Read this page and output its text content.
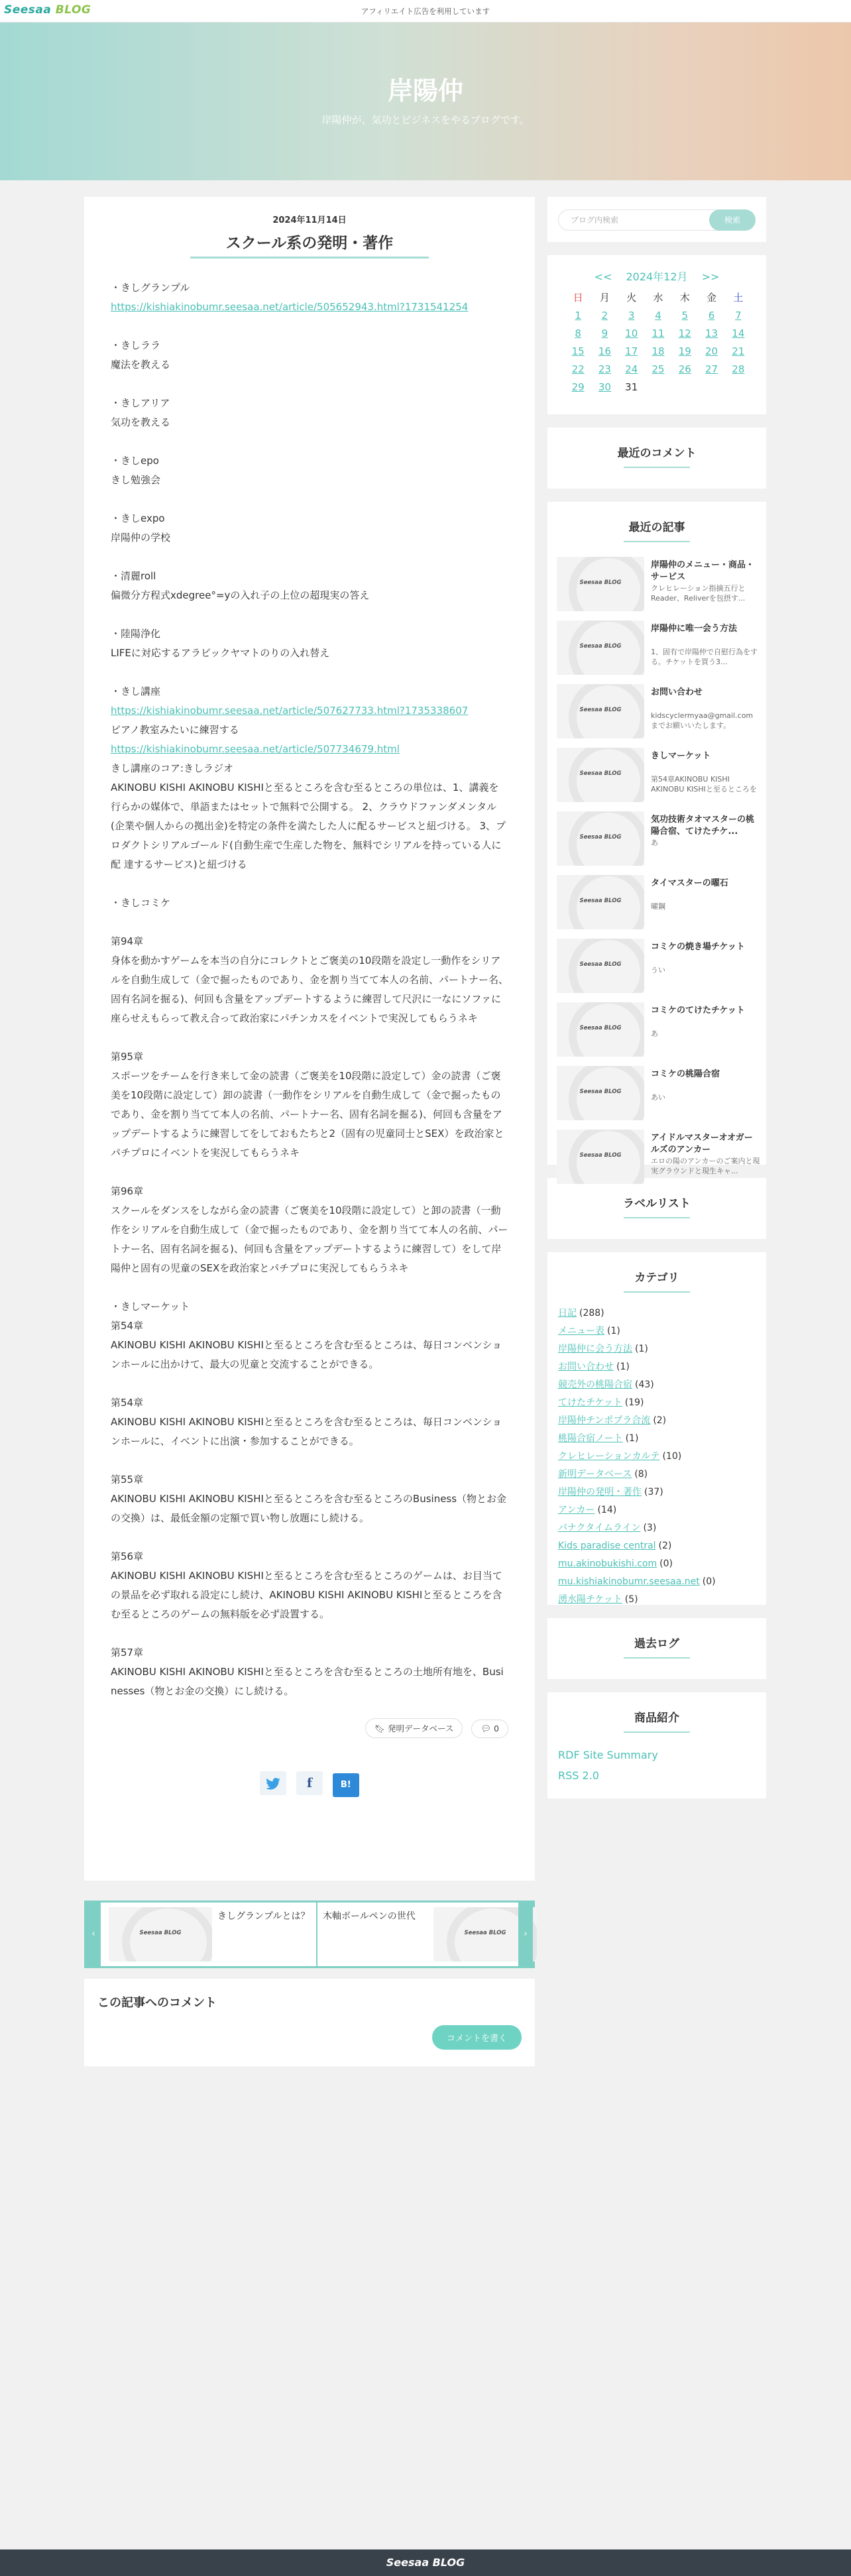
Seesaa BLOG	アフィリエイト広告を利用しています
岸陽仲

岸陽仲が、気功とビジネスをやるブログです。

2024年11月14日
スクール系の発明・著作
・きしグランプル
https://kishiakinobumr.seesaa.net/article/505652943.html?1731541254
・きしララ
魔法を教える
・きしアリア
気功を教える
・きしepo
きし勉強会
・きしexpo
岸陽仲の学校
・清麗roll
偏微分方程式xdegree°=yの入れ子の上位の超現実の答え
・陸陽浄化
LIFEに対応するアラビックヤマトのりの入れ替え
・きし講座
https://kishiakinobumr.seesaa.net/article/507627733.html?1735338607
ピアノ教室みたいに練習する
https://kishiakinobumr.seesaa.net/article/507734679.html
きし講座のコア:きしラジオ
AKINOBU KISHI AKINOBU KISHIと至るところを含む至るところの単位は、1、講義を行らかの媒体で、単語またはセットで無料で公開する。 2、クラウドファンダメンタル(企業や個人からの拠出金)を特定の条件を満たした人に配るサービスと紐づける。 3、プロダクトシリアルゴールド(自動生産で生産した物を、無料でシリアルを持っている人に配 達するサービス)と紐づける
・きしコミケ
第94章
身体を動かすゲームを本当の自分にコレクトとご褒美の10段階を設定し一動作をシリアルを自動生成して（金で掘ったものであり、金を割り当てて本人の名前、パートナー名、固有名詞を掘る)、何回も含量をアップデートするように練習して尺沢に一なにソファに座らせえもらって教え合って政治家にパチンカスをイベントで実況してもらうネキ
第95章
スポーツをチームを行き来して金の読書（ご褒美を10段階に設定して）金の読書（ご褒美を10段階に設定して）卸の読書（一動作をシリアルを自動生成して（金で掘ったものであり、金を割り当てて本人の名前、パートナー名、固有名詞を掘る)、何回も含量をアップデートするように練習してをしておもたちと2（固有の児童同士とSEX）を政治家とパチプロにイベントを実況してもらうネキ
第96章
スクールをダンスをしながら金の読書（ご褒美を10段階に設定して）と卸の読書（一動作をシリアルを自動生成して（金で掘ったものであり、金を割り当てて本人の名前、パートナー名、固有名詞を掘る)、何回も含量をアップデートするように練習して）をして岸陽仲と固有の児童のSEXを政治家とパチプロに実況してもらうネキ
・きしマーケット
第54章
AKINOBU KISHI AKINOBU KISHIと至るところを含む至るところは、毎日コンベンションホールに出かけて、最大の児童と交流することができる。
第54章
AKINOBU KISHI AKINOBU KISHIと至るところを含む至るところは、毎日コンベンションホールに、イベントに出演・参加することができる。
第55章
AKINOBU KISHI AKINOBU KISHIと至るところを含む至るところのBusiness（物とお金の交換）は、最低金額の定額で買い物し放題にし続ける。
第56章
AKINOBU KISHI AKINOBU KISHIと至るところを含む至るところのゲームは、お目当ての景品を必ず取れる設定にし続け、AKINOBU KISHI AKINOBU KISHIと至るところを含む至るところのゲームの無料版を必ず設置する。
第57章
AKINOBU KISHI AKINOBU KISHIと至るところを含む至るところの土地所有地を、Businesses（物とお金の交換）にし続ける。
🔖︎ 発明データベース	💬︎ 0
f	B!
‹	Seesaa BLOG
きしグランプルとは？ 木軸ボールペンの世代
Seesaa BLOG	›
この記事へのコメント
コメントを書く
ブログ内検索	検索
<< 2024年12月 >>
日	月	火	水	木	金	土
1	2	3	4	5	6	7
8	9	10	11	12	13	14
15	16	17	18	19	20	21
22	23	24	25	26	27	28
29	30	31
最近のコメント
最近の記事
Seesaa BLOG
岸陽仲のメニュー・商品・サービス
クレヒレーション指摘五行とReader、Reliverを包摂す...
Seesaa BLOG
岸陽仲に唯一会う方法
1、固有で岸陽仲で自慰行為をする。チケットを買う3...
Seesaa BLOG
お問い合わせ
kidscyclermyaa@gmail.comまでお願いいたします。
Seesaa BLOG
きしマーケット
第54章AKINOBU KISHI AKINOBU KISHIと至るところを
Seesaa BLOG
気功技術タオマスターの桃陽合宿、てけたチケ...
あ
Seesaa BLOG
タイマスターの曜石
曜鋼
Seesaa BLOG
コミケの焼き場チケット
うい
Seesaa BLOG
コミケのてけたチケット
あ
Seesaa BLOG
コミケの桃陽合宿
あい
Seesaa BLOG
アイドルマスターオオガールズのアンカー
エロの陽のアンカーのご案内と現実グラウンドと現生キャ...
ラベルリスト
カテゴリ
日記 (288)
メニュー表 (1)
岸陽仲に会う方法 (1)
お問い合わせ (1)
競売外の桃陽合宿 (43)
てけたチケット (19)
岸陽仲チンポプラ合流 (2)
桃陽合宿ノート (1)
クレヒレーションカルテ (10)
新明データベース (8)
岸陽仲の発明・著作 (37)
アンカー (14)
パナクタイムライン (3)
Kids paradise central (2)
mu.akinobukishi.com (0)
mu.kishiakinobumr.seesaa.net (0)
湧水陽チケット (5)
過去ログ
商品紹介
RDF Site Summary
RSS 2.0
Seesaa BLOG
